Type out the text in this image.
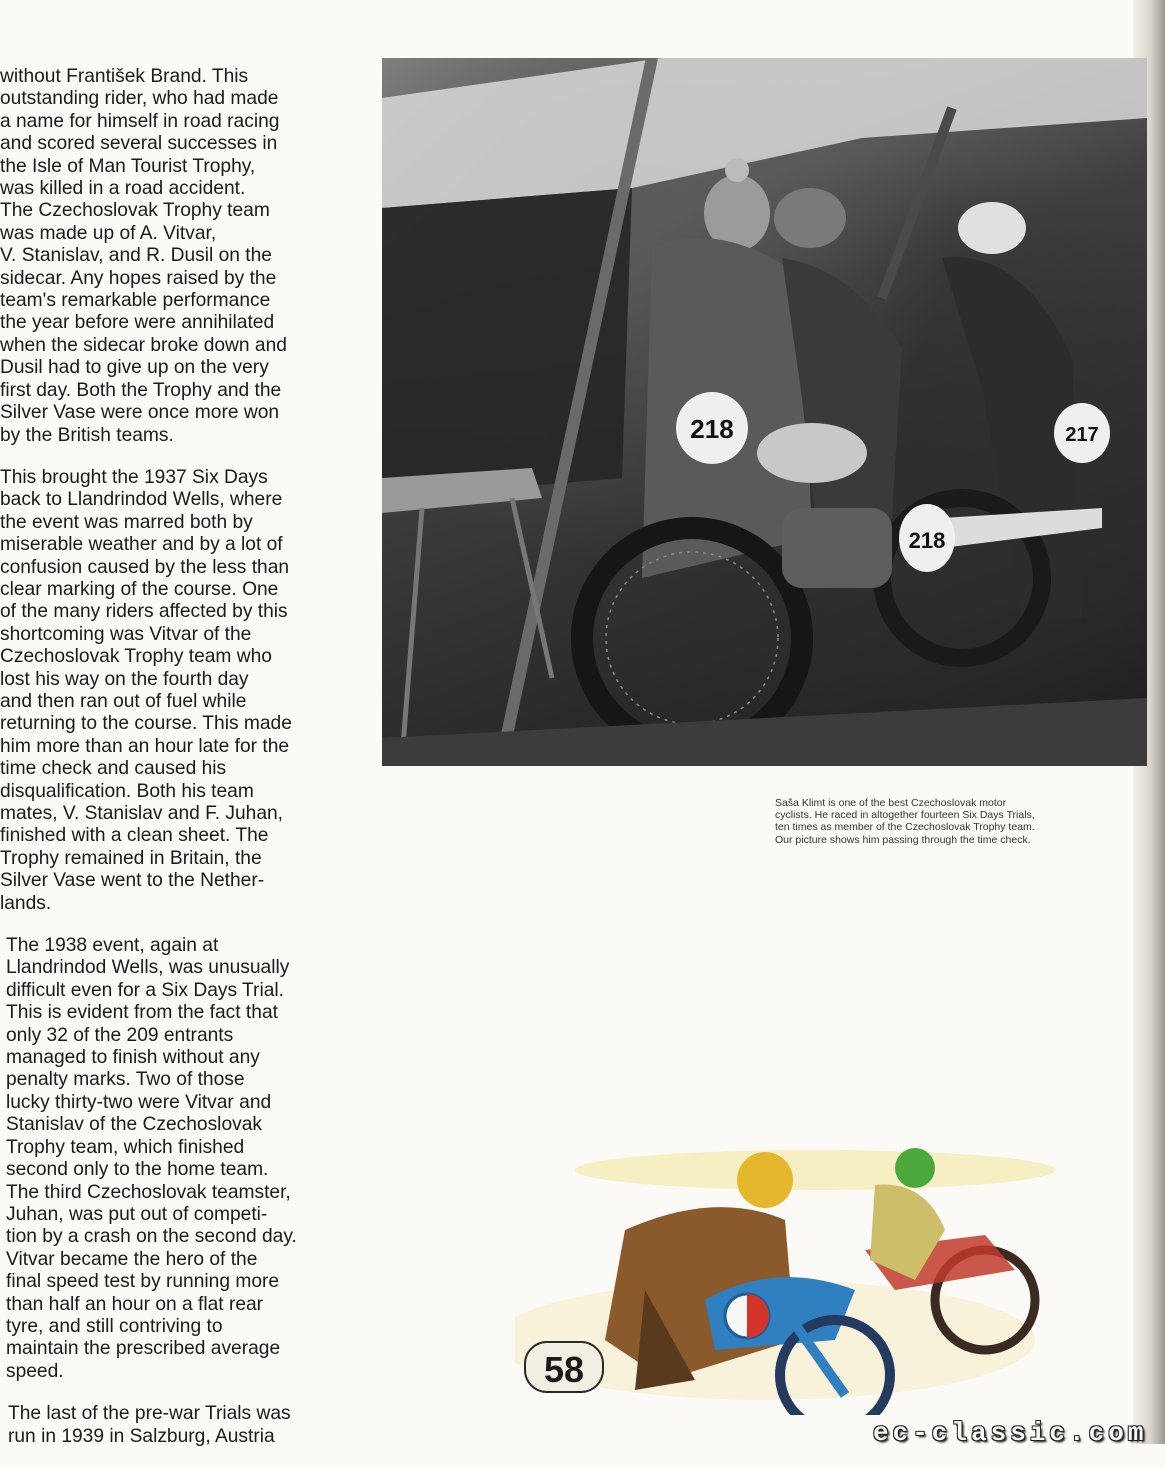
without František Brand. This
outstanding rider, who had made
a name for himself in road racing
and scored several successes in
the Isle of Man Tourist Trophy,
was killed in a road accident.
The Czechoslovak Trophy team
was made up of A. Vitvar,
V. Stanislav, and R. Dusil on the
sidecar. Any hopes raised by the
team's remarkable performance
the year before were annihilated
when the sidecar broke down and
Dusil had to give up on the very
first day. Both the Trophy and the
Silver Vase were once more won
by the British teams.

This brought the 1937 Six Days
back to Llandrindod Wells, where
the event was marred both by
miserable weather and by a lot of
confusion caused by the less than
clear marking of the course. One
of the many riders affected by this
shortcoming was Vitvar of the
Czechoslovak Trophy team who
lost his way on the fourth day
and then ran out of fuel while
returning to the course. This made
him more than an hour late for the
time check and caused his
disqualification. Both his team
mates, V. Stanislav and F. Juhan,
finished with a clean sheet. The
Trophy remained in Britain, the
Silver Vase went to the Nether-
lands.

The 1938 event, again at
Llandrindod Wells, was unusually
difficult even for a Six Days Trial.
This is evident from the fact that
only 32 of the 209 entrants
managed to finish without any
penalty marks. Two of those
lucky thirty-two were Vitvar and
Stanislav of the Czechoslovak
Trophy team, which finished
second only to the home team.
The third Czechoslovak teamster,
Juhan, was put out of competi-
tion by a crash on the second day.
Vitvar became the hero of the
final speed test by running more
than half an hour on a flat rear
tyre, and still contriving to
maintain the prescribed average
speed.

The last of the pre-war Trials was
run in 1939 in Salzburg, Austria

218
218
217
Saša Klimt is one of the best Czechoslovak motor
cyclists. He raced in altogether fourteen Six Days Trials,
ten times as member of the Czechoslovak Trophy team.
Our picture shows him passing through the time check.
58
ec-classic.com
